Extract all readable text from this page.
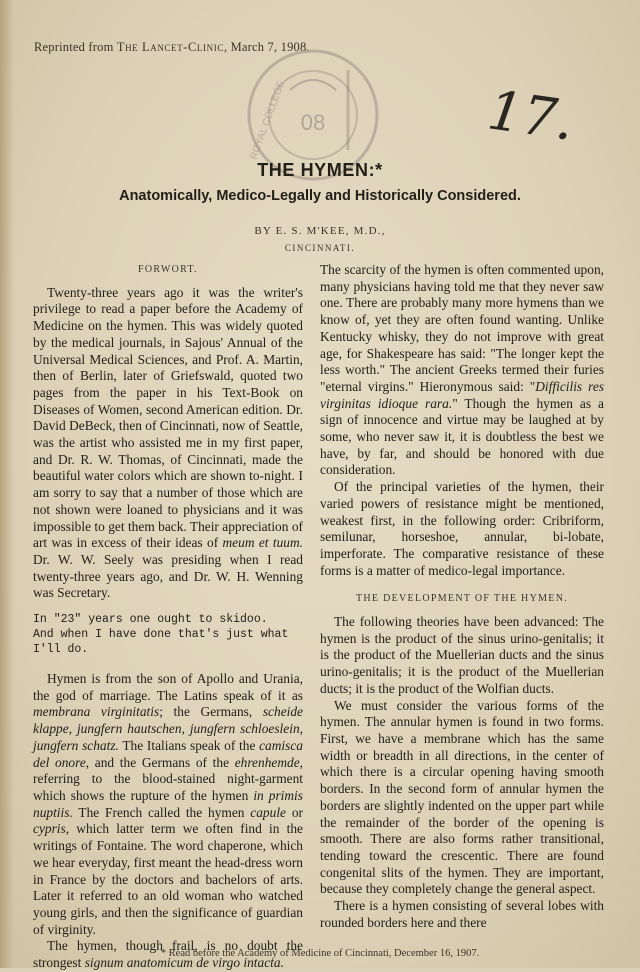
Reprinted from The Lancet-Clinic, March 7, 1908.
08
ROYAL COLLEGE	17.
THE HYMEN:*
Anatomically, Medico-Legally and Historically Considered.
BY E. S. M'KEE, M.D.,
CINCINNATI.

FORWORT.

Twenty-three years ago it was the writer's privilege to read a paper before the Academy of Medicine on the hymen. This was widely quoted by the medical journals, in Sajous' Annual of the Universal Medical Sciences, and Prof. A. Martin, then of Berlin, later of Griefswald, quoted two pages from the paper in his Text-Book on Diseases of Women, second American edition. Dr. David DeBeck, then of Cincinnati, now of Seattle, was the artist who assisted me in my first paper, and Dr. R. W. Thomas, of Cincinnati, made the beautiful water colors which are shown to-night. I am sorry to say that a number of those which are not shown were loaned to physicians and it was impossible to get them back. Their appreciation of art was in excess of their ideas of meum et tuum. Dr. W. W. Seely was presiding when I read twenty-three years ago, and Dr. W. H. Wenning was Secretary.

In "23" years one ought to skidoo.

And when I have done that's just what I'll do.

Hymen is from the son of Apollo and Urania, the god of marriage. The Latins speak of it as membrana virginitatis; the Germans, scheide klappe, jungfern hautschen, jungfern schloeslein, jungfern schatz. The Italians speak of the camisca del onore, and the Germans of the ehrenhemde, referring to the blood-stained night-garment which shows the rupture of the hymen in primis nuptiis. The French called the hymen capule or cypris, which latter term we often find in the writings of Fontaine. The word chaperone, which we hear everyday, first meant the head-dress worn in France by the doctors and bachelors of arts. Later it referred to an old woman who watched young girls, and then the significance of guardian of virginity.

The hymen, though frail, is no doubt the strongest signum anatomicum de virgo intacta.

The scarcity of the hymen is often commented upon, many physicians having told me that they never saw one. There are probably many more hymens than we know of, yet they are often found wanting. Unlike Kentucky whisky, they do not improve with great age, for Shakespeare has said: "The longer kept the less worth." The ancient Greeks termed their furies "eternal virgins." Hieronymous said: "Difficilis res virginitas idioque rara." Though the hymen as a sign of innocence and virtue may be laughed at by some, who never saw it, it is doubtless the best we have, by far, and should be honored with due consideration.

Of the principal varieties of the hymen, their varied powers of resistance might be mentioned, weakest first, in the following order: Cribriform, semilunar, horseshoe, annular, bi-lobate, imperforate. The comparative resistance of these forms is a matter of medico-legal importance.

THE DEVELOPMENT OF THE HYMEN.

The following theories have been advanced: The hymen is the product of the sinus urino-genitalis; it is the product of the Muellerian ducts and the sinus urino-genitalis; it is the product of the Muellerian ducts; it is the product of the Wolfian ducts.

We must consider the various forms of the hymen. The annular hymen is found in two forms. First, we have a membrane which has the same width or breadth in all directions, in the center of which there is a circular opening having smooth borders. In the second form of annular hymen the borders are slightly indented on the upper part while the remainder of the border of the opening is smooth. There are also forms rather transitional, tending toward the crescentic. There are found congenital slits of the hymen. They are important, because they completely change the general aspect.

There is a hymen consisting of several lobes with rounded borders here and there

* Read before the Academy of Medicine of Cincinnati, December 16, 1907.
